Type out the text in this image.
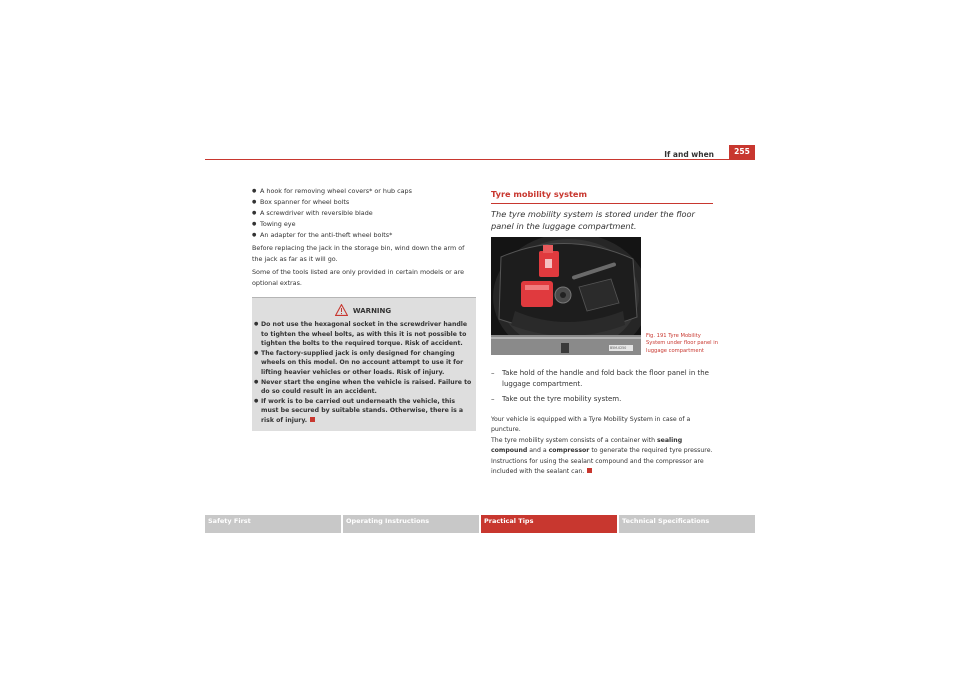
If and when	255
● A hook for removing wheel covers* or hub caps
● Box spanner for wheel bolts
● A screwdriver with reversible blade
● Towing eye
● An adapter for the anti-theft wheel bolts*

Before replacing the jack in the storage bin, wind down the arm of the jack as far as it will go.

Some of the tools listed are only provided in certain models or are optional extras.

WARNING
● Do not use the hexagonal socket in the screwdriver handle to tighten the wheel bolts, as with this it is not possible to tighten the bolts to the required torque. Risk of accident.
● The factory-supplied jack is only designed for changing wheels on this model. On no account attempt to use it for lifting heavier vehicles or other loads. Risk of injury.
● Never start the engine when the vehicle is raised. Failure to do so could result in an accident.
● If work is to be carried out underneath the vehicle, this must be secured by suitable stands. Otherwise, there is a risk of injury.
Tyre mobility system
The tyre mobility system is stored under the floor panel in the luggage compartment.
B5M-0250
Fig. 191 Tyre Mobility System under floor panel in luggage compartment
– Take hold of the handle and fold back the floor panel in the luggage compartment.
– Take out the tyre mobility system.

Your vehicle is equipped with a Tyre Mobility System in case of a puncture.

The tyre mobility system consists of a container with sealing compound and a compressor to generate the required tyre pressure.

Instructions for using the sealant compound and the compressor are included with the sealant can.

Safety First	Operating Instructions	Practical Tips	Technical Specifications
